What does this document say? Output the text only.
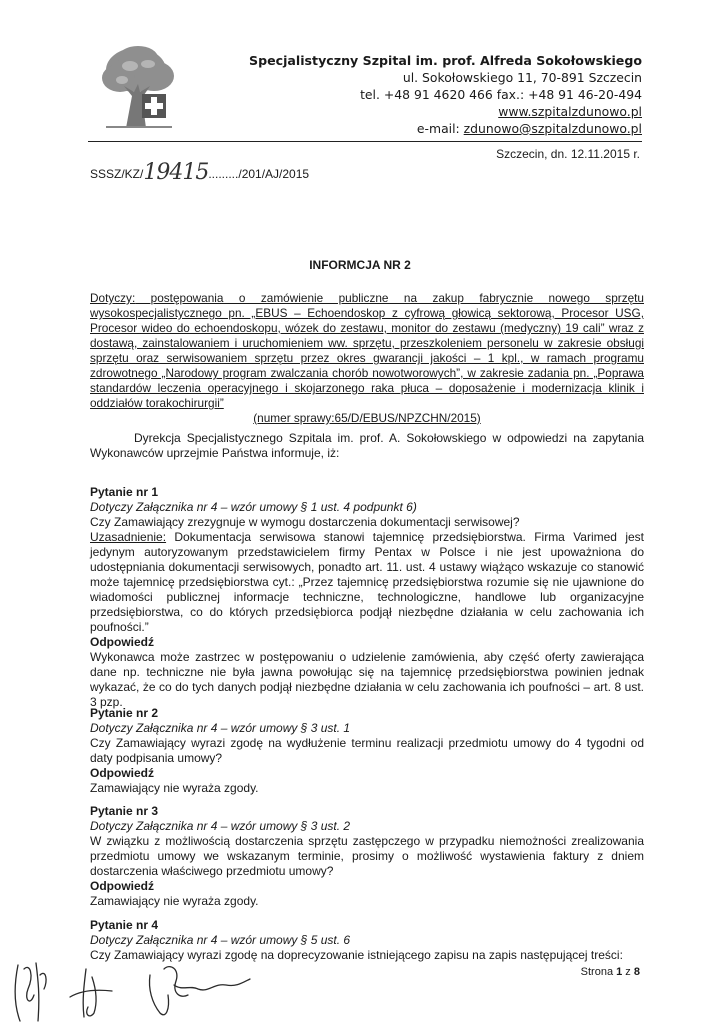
Specjalistyczny Szpital im. prof. Alfreda Sokołowskiego
ul. Sokołowskiego 11, 70-891 Szczecin
tel. +48 91 4620 466 fax.: +48 91 46-20-494
www.szpitalzdunowo.pl
e-mail: zdunowo@szpitalzdunowo.pl
Szczecin, dn. 12.11.2015 r.
SSSZ/KZ/19415........./201/AJ/2015
INFORMCJA NR 2
Dotyczy: postępowania o zamówienie publiczne na zakup fabrycznie nowego sprzętu wysokospecjalistycznego pn. „EBUS – Echoendoskop z cyfrową głowicą sektorową, Procesor USG, Procesor wideo do echoendoskopu, wózek do zestawu, monitor do zestawu (medyczny) 19 cali” wraz z dostawą, zainstalowaniem i uruchomieniem ww. sprzętu, przeszkoleniem personelu w zakresie obsługi sprzętu oraz serwisowaniem sprzętu przez okres gwarancji jakości – 1 kpl., w ramach programu zdrowotnego „Narodowy program zwalczania chorób nowotworowych”, w zakresie zadania pn. „Poprawa standardów leczenia operacyjnego i skojarzonego raka płuca – doposażenie i modernizacja klinik i oddziałów torakochirurgii”
(numer sprawy:65/D/EBUS/NPZCHN/2015)
Dyrekcja Specjalistycznego Szpitala im. prof. A. Sokołowskiego w odpowiedzi na zapytania Wykonawców uprzejmie Państwa informuje, iż:

Pytanie nr 1

Dotyczy Załącznika nr 4 – wzór umowy § 1 ust. 4 podpunkt 6)

Czy Zamawiający zrezygnuje w wymogu dostarczenia dokumentacji serwisowej?

Uzasadnienie: Dokumentacja serwisowa stanowi tajemnicę przedsiębiorstwa. Firma Varimed jest jedynym autoryzowanym przedstawicielem firmy Pentax w Polsce i nie jest upoważniona do udostępniania dokumentacji serwisowych, ponadto art. 11. ust. 4 ustawy wiążąco wskazuje co stanowić może tajemnicę przedsiębiorstwa cyt.: „Przez tajemnicę przedsiębiorstwa rozumie się nie ujawnione do wiadomości publicznej informacje techniczne, technologiczne, handlowe lub organizacyjne przedsiębiorstwa, co do których przedsiębiorca podjął niezbędne działania w celu zachowania ich poufności.”

Odpowiedź

Wykonawca może zastrzec w postępowaniu o udzielenie zamówienia, aby część oferty zawierająca dane np. techniczne nie była jawna powołując się na tajemnicę przedsiębiorstwa powinien jednak wykazać, że co do tych danych podjął niezbędne działania w celu zachowania ich poufności – art. 8 ust. 3 pzp.

Pytanie nr 2

Dotyczy Załącznika nr 4 – wzór umowy § 3 ust. 1

Czy Zamawiający wyrazi zgodę na wydłużenie terminu realizacji przedmiotu umowy do 4 tygodni od daty podpisania umowy?

Odpowiedź

Zamawiający nie wyraża zgody.

Pytanie nr 3

Dotyczy Załącznika nr 4 – wzór umowy § 3 ust. 2

W związku z możliwością dostarczenia sprzętu zastępczego w przypadku niemożności zrealizowania przedmiotu umowy we wskazanym terminie, prosimy o możliwość wystawienia faktury z dniem dostarczenia właściwego przedmiotu umowy?

Odpowiedź

Zamawiający nie wyraża zgody.

Pytanie nr 4

Dotyczy Załącznika nr 4 – wzór umowy § 5 ust. 6

Czy Zamawiający wyrazi zgodę na doprecyzowanie istniejącego zapisu na zapis następującej treści:

Strona 1 z 8
